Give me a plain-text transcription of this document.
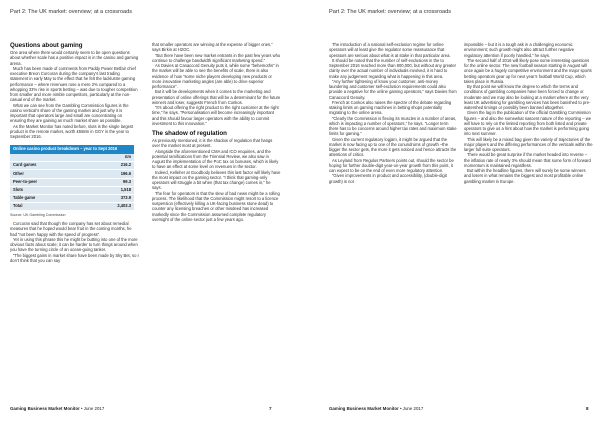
Part 2: The UK market: overview; at a crossroads
Questions about gaming

One area where there would certainly seem to be open questions about whether scale has a positive impact is in the casino and gaming arena.

Much has been made of comments from Paddy Power Betfair chief executive Breon Corcoran during the company’s last trading statement in early May to the effect that he felt the lacklustre gaming performance – where revenues rose a mere 2% compared to a whopping 33% rise in sports betting – was due to tougher competition from smaller and more nimble competitors, particularly at the non-casual end of the market.

What we can see from the Gambling Commission figures is the casino vertical’s share of the gaming market and just why it is important that operators large and small are concentrating on ensuring they are gaining as much market share as possible.

As the Market Monitor has noted before, slots is the single largest product in the remote market, worth £558m in GGY in the year to September 2016.

Online casino product breakdown – year to Sept 2016
£m
Card games	216.2
Other	196.6
Peer-to-peer	99.3
Slots	1,518
Table game	373.9
Total	2,403.3
Source: UK Gambling Commission

Corcoran said that though the company has set about remedial measures that he hoped would bear fruit in the coming months, he had “not been happy with the speed of progress”.

Yet in using this phrase this he might be butting into one of the more obvious facts about scale; it can be harder to turn things around when you have the turning circle of an ocean-going tanker.

“The biggest gains in market share have been made by Sky Bet, so I don’t think that you can say

that smaller operators are winning at the expense of bigger ones,” says Birkin at H2GC.

“But there have been new market entrants in the past few years who continue to challenge bandwidth significant marketing spend.”

As Davies at Canaccord Genuity puts it, while some “behemoths” in the market will be able to see the benefits of scale, there is also evidence of how “some niche players developing new products or more innovative marketing angles (are able) to drive superior performance”.

But it will be developments when it comes to the marketing and presentation of online offerings that will be a determinant for the future winners and loser, suggests French from Conkos.

“It’s about offering the right product to the right customer at the right time,” he says. “Personalisation will become increasingly important and this should favour larger operators with the ability to commit investment to this innovation.”

The shadow of regulation

As previously mentioned, it is the shadow of regulation that hangs over the market most at present.

Alongside the aforementioned CMA and ICO enquiries, and the potential ramifications from the Triennial Review, we also saw in August the implementation of the PoC tax on bonuses, which is likely to have an effect at some level on revenues in the sector.

Indeed, Kelleher at Goodbody believes this last factor will likely have the most impact on the gaming sector. “I think that gaming-only operators will struggle a bit when (that tax change) comes in,” he says.

The fear for operators is that the slew of bad news might be a rolling process. The likelihood that the Commission might resort to a licence suspension (effectively killing a UK-facing business stone dead) to counter any licensing breaches or other misdeed has increased markedly since the Commission assumed complete regulatory oversight of the online sector just a few years ago.

Gaming Business Market Monitor • June 2017	7
Part 2: The UK market: overview; at a crossroads

The introduction of a national self-exclusion regime for online operators will at least give the regulator some reassurance that operators are serious about what is at stake in that particular area.

It should be noted that the number of self-exclusions in the to September 2016 reached more than 800,000, but without any greater clarity over the actual number of individuals involved, it is hard to make any judgement regarding what is happening in this area.

“Any further tightening of know your customer, anti-money laundering and customer self-exclusion requirements could also provide a negative for the online gaming operators,” says Davies from Canaccord Genuity.

French at Conkos also raises the spectre of the debate regarding staking limits on gaming machines in betting shops potentially migrating to the online arena.

“Clearly the Commission is flexing its muscles in a number of areas, which is impacting a number of operators,” he says. “Longer term there has to be concerns around higher tax rates and maximum stake limits for gaming.”

Given the current regulatory logjam, it might be argued that the market is now facing up to one of the conundrums of growth –the bigger the sector gets, the more it gets noticed and hence attracts the attentions of critics.

As Leyland from Regulus Partners points out, should the sector be hoping for further double-digit year-on-year growth from this point, it can expect to be on the end of even more regulatory attention.

“Given improvements in product and accessibility, (double-digit growth) is not

impossible – but it is a tough ask in a challenging economic environment; such growth might also attract further negative regulatory attention if poorly handled,” he says.

The second half of 2016 will likely pose some interesting questions for the online sector. The new football season starting in August will once again be a hugely competitive environment and the major sports betting operators gear up for next year’s football World Cup, which takes place in Russia.

By that point we will know the degree to which the terms and conditions of gambling companies have been forced to change or moderate and we may also be looking at a market where at the very least UK advertising for gambling services has been banished to pre-watershed timings or possibly been banned altogether.

Given the lag in the publication of the official Gambling Commission figures – and also the somewhat nascent nature of the reporting – we will have to rely on the limited reporting from both listed and private operators to give us a hint about how the market is performing going into next summer.

This will likely be a mixed bag given the variety of trajectories of the major players and the differing performances of the verticals within the larger full suite operators.

There would be great surprise if the market headed into reverse – the inflation rate of nearly 3% should mean that some form of forward momentum is maintained regardless.

But within the headline figures, there will surely be some winners and losers in what remains the biggest and most profitable online gambling market in Europe.

Gaming Business Market Monitor • June 2017	8
